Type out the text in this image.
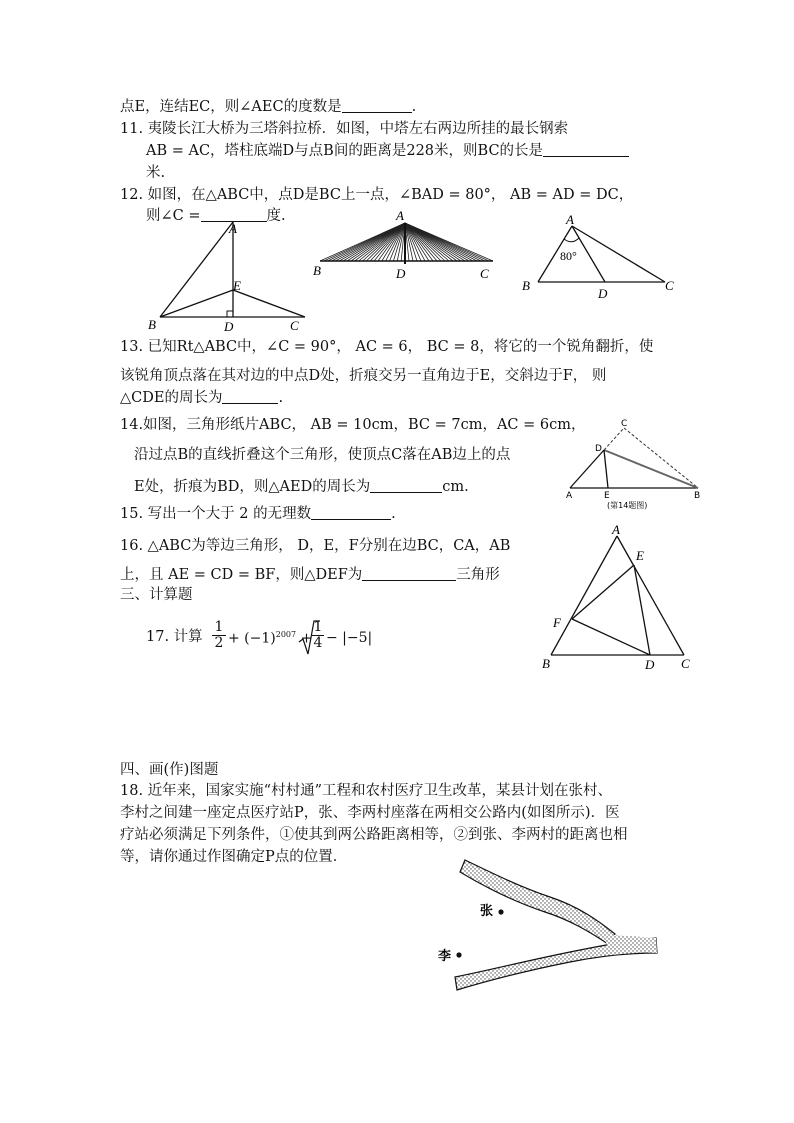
点E，连结EC，则∠AEC的度数是	.
11. 夷陵长江大桥为三塔斜拉桥．如图，中塔左右两边所挂的最长钢索
AB = AC，塔柱底端D与点B间的距离是228米，则BC的长是
米.
12. 如图，在△ABC中，点D是BC上一点，∠BAD = 80°， AB = AD = DC，
则∠C =	度.
A
E
B	D	C
A
B	D	C
A
80°
B
D
C
13. 已知Rt△ABC中，∠C = 90°， AC = 6， BC = 8，将它的一个锐角翻折，使
该锐角顶点落在其对边的中点D处，折痕交另一直角边于E，交斜边于F， 则
△CDE的周长为	.
14.如图，三角形纸片ABC， AB = 10cm，BC = 7cm，AC = 6cm，
沿过点B的直线折叠这个三角形，使顶点C落在AB边上的点
E处，折痕为BD，则△AED的周长为	cm.
C
D
A	E	B
(第14题图)
15. 写出一个大于 2 的无理数	.
16. △ABC为等边三角形， D，E，F分别在边BC，CA，AB
上，且 AE = CD = BF，则△DEF为	三角形
A
E
F
B	D C
三、计算题
17. 计算 $\frac{1}{2} + (-1)^{2007} + \frac{1}{4} - |-5|$
四、画(作)图题
18. 近年来，国家实施“村村通”工程和农村医疗卫生改革，某县计划在张村、
李村之间建一座定点医疗站P，张、李两村座落在两相交公路内(如图所示)．医
疗站必须满足下列条件，①使其到两公路距离相等，②到张、李两村的距离也相
等，请你通过作图确定P点的位置．
张
李
